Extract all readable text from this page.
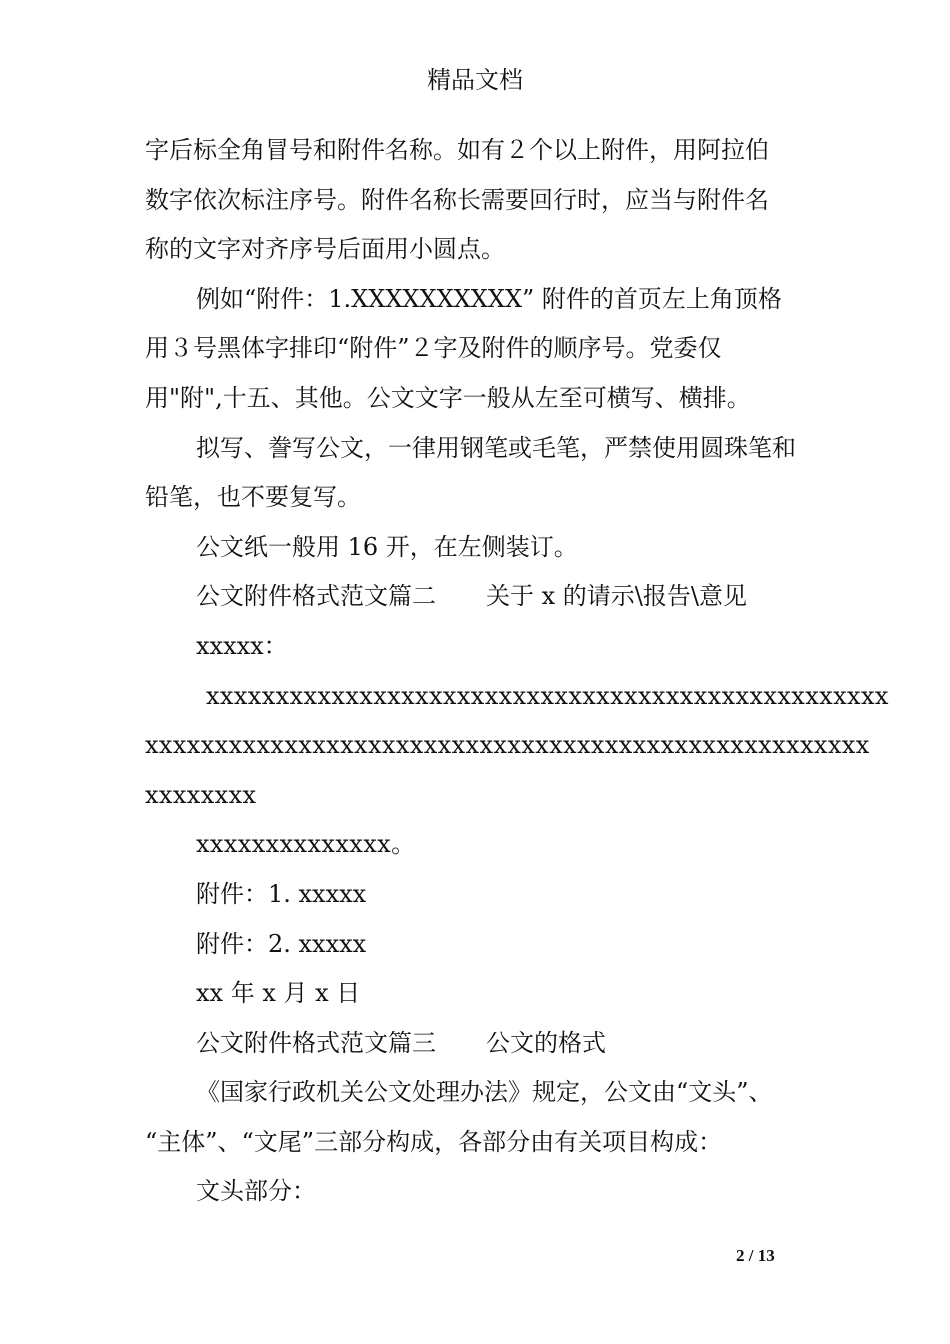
精品文档
字后标全角冒号和附件名称。如有２个以上附件，用阿拉伯
数字依次标注序号。附件名称长需要回行时，应当与附件名
称的文字对齐序号后面用小圆点。
例如“附件：1.XXXXXXXXXX” 附件的首页左上角顶格
用３号黑体字排印“附件”２字及附件的顺序号。党委仅
用"附",十五、其他。公文文字一般从左至可横写、横排。
拟写、誊写公文，一律用钢笔或毛笔，严禁使用圆珠笔和
铅笔，也不要复写。
公文纸一般用 16 开，在左侧装订。
公文附件格式范文篇二 关于 x 的请示\报告\意见
xxxxx：
xxxxxxxxxxxxxxxxxxxxxxxxxxxxxxxxxxxxxxxxxxxxxxxxx
xxxxxxxxxxxxxxxxxxxxxxxxxxxxxxxxxxxxxxxxxxxxxxxxxxxx
xxxxxxxx
xxxxxxxxxxxxxx。
附件：1. xxxxx
附件：2. xxxxx
xx 年 x 月 x 日
公文附件格式范文篇三 公文的格式
《国家行政机关公文处理办法》规定，公文由“文头”、
“主体”、“文尾”三部分构成，各部分由有关项目构成：
文头部分：
2 / 13
